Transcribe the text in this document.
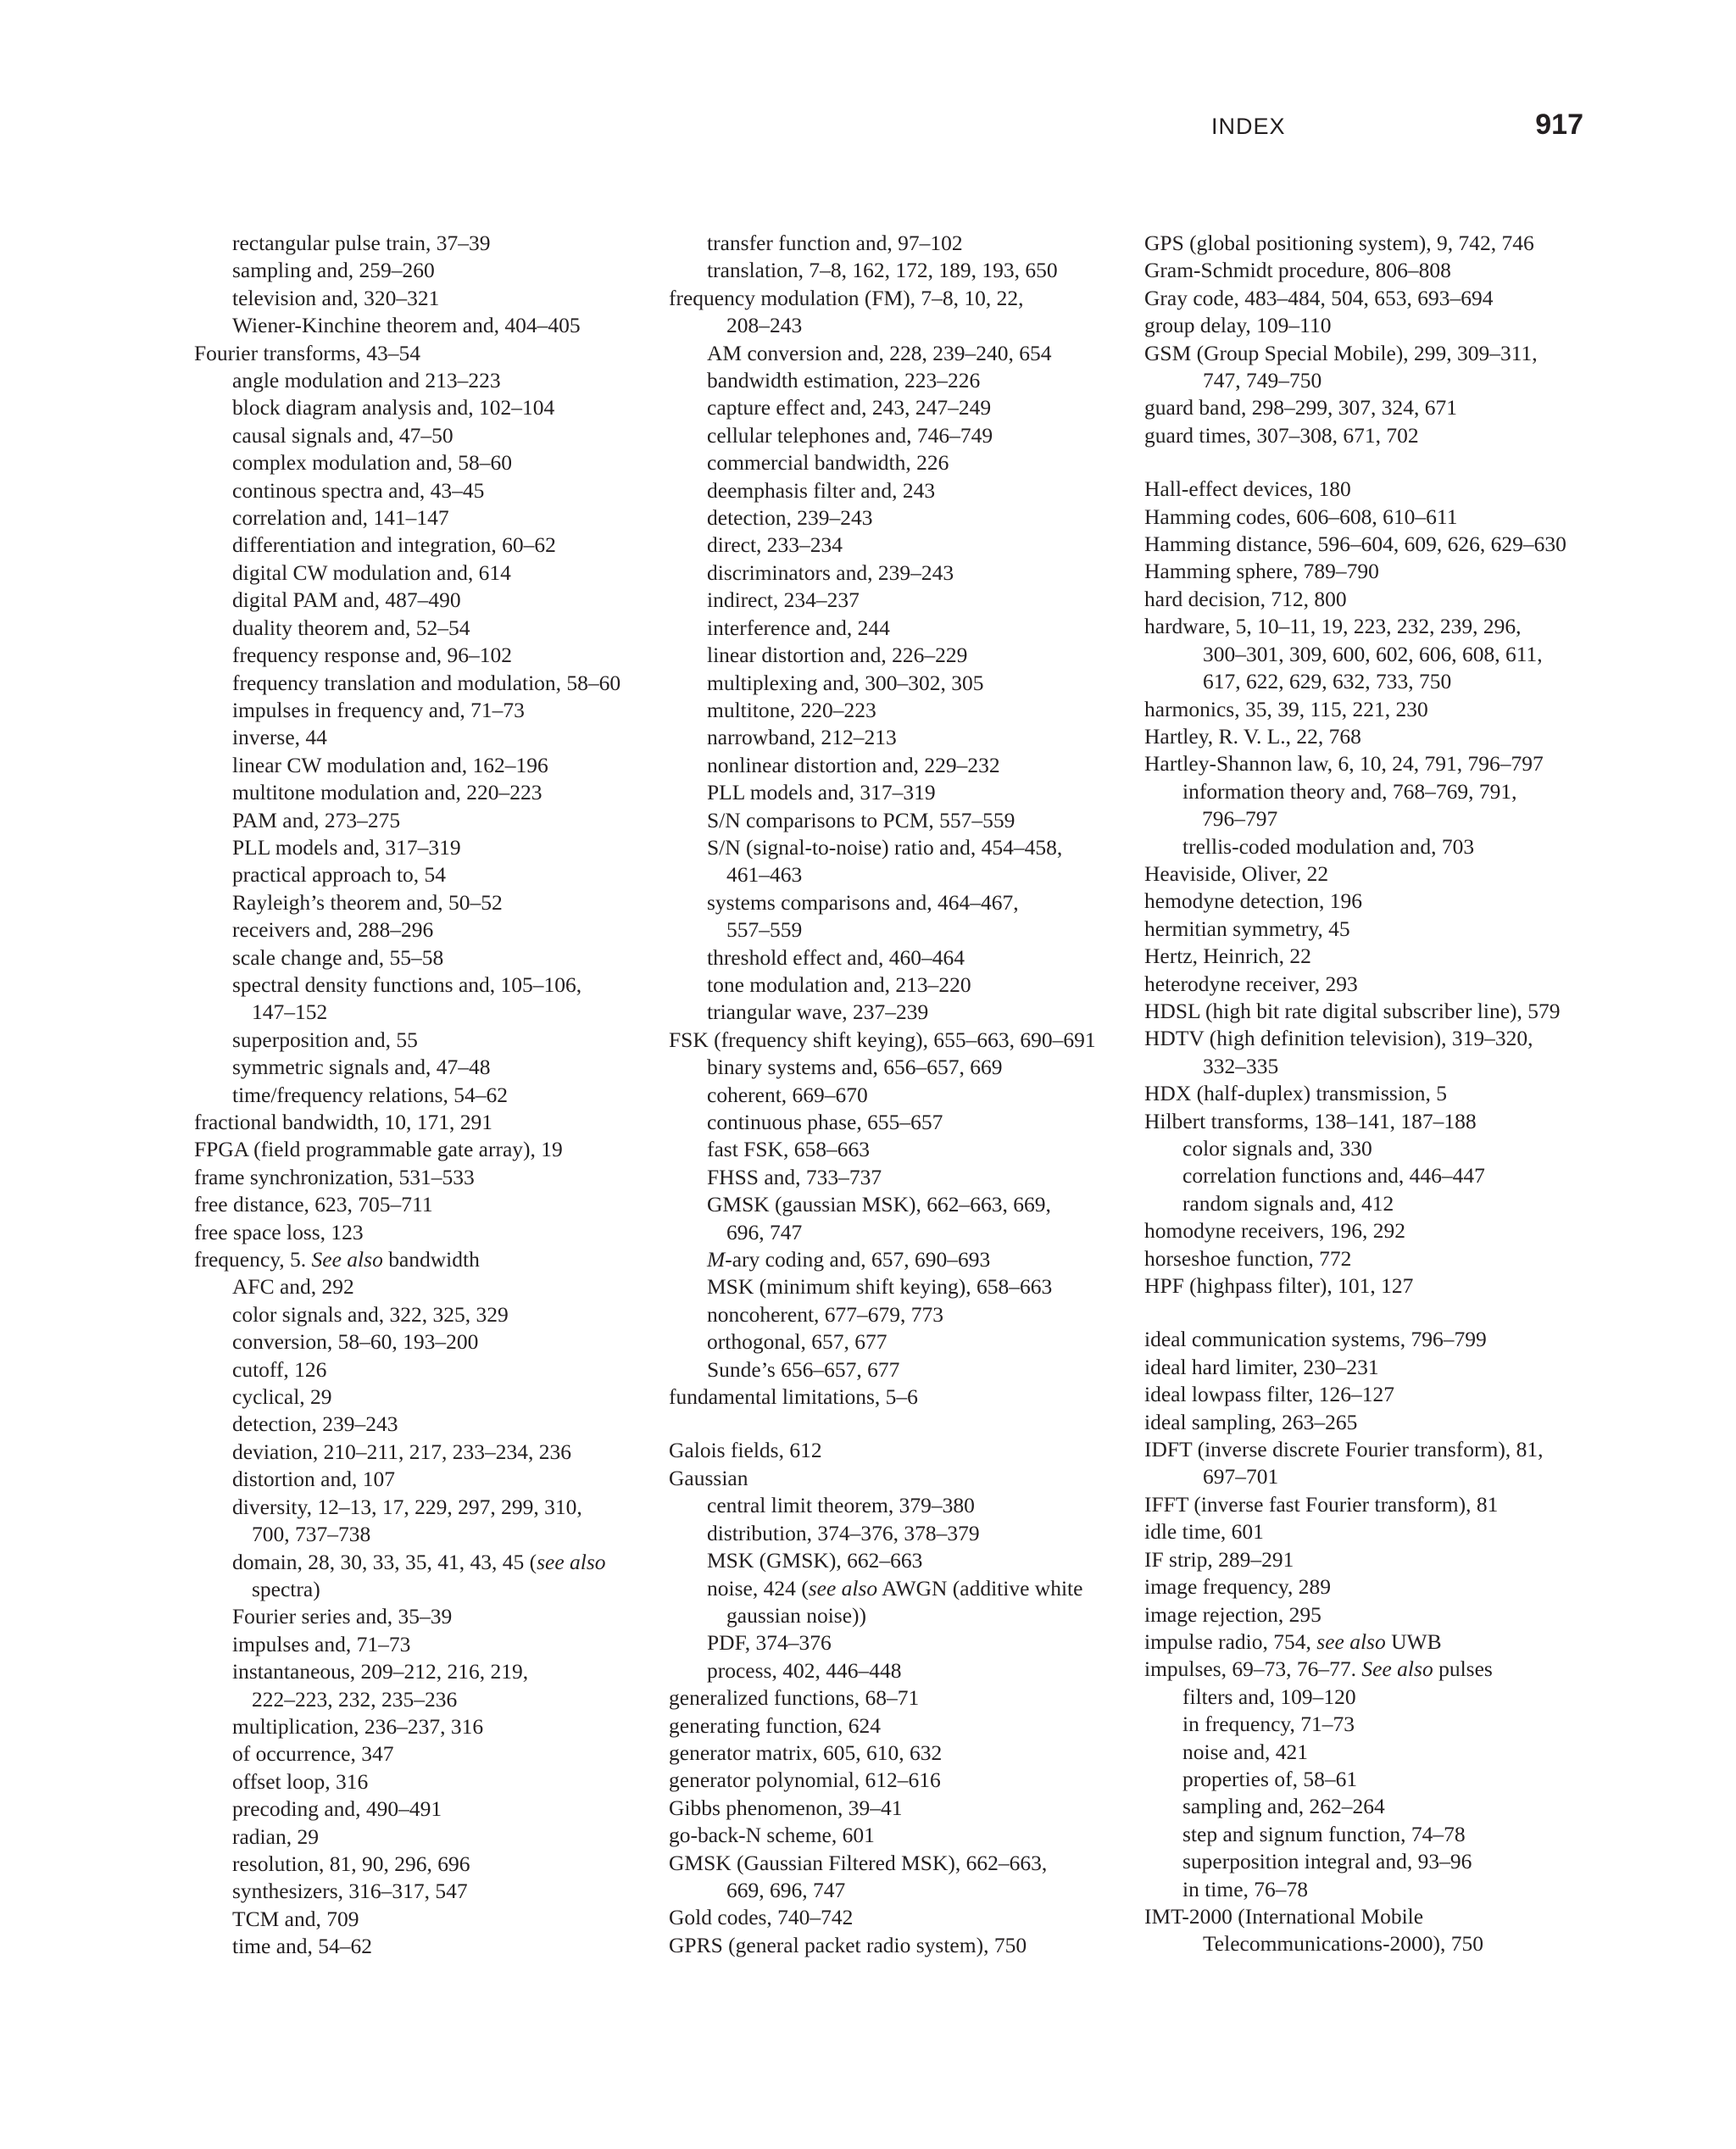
INDEX	917
rectangular pulse train, 37–39
sampling and, 259–260
television and, 320–321
Wiener-Kinchine theorem and, 404–405
Fourier transforms, 43–54
angle modulation and 213–223
block diagram analysis and, 102–104
causal signals and, 47–50
complex modulation and, 58–60
continous spectra and, 43–45
correlation and, 141–147
differentiation and integration, 60–62
digital CW modulation and, 614
digital PAM and, 487–490
duality theorem and, 52–54
frequency response and, 96–102
frequency translation and modulation, 58–60
impulses in frequency and, 71–73
inverse, 44
linear CW modulation and, 162–196
multitone modulation and, 220–223
PAM and, 273–275
PLL models and, 317–319
practical approach to, 54
Rayleigh’s theorem and, 50–52
receivers and, 288–296
scale change and, 55–58
spectral density functions and, 105–106,
147–152
superposition and, 55
symmetric signals and, 47–48
time/frequency relations, 54–62
fractional bandwidth, 10, 171, 291
FPGA (field programmable gate array), 19
frame synchronization, 531–533
free distance, 623, 705–711
free space loss, 123
frequency, 5. See also bandwidth
AFC and, 292
color signals and, 322, 325, 329
conversion, 58–60, 193–200
cutoff, 126
cyclical, 29
detection, 239–243
deviation, 210–211, 217, 233–234, 236
distortion and, 107
diversity, 12–13, 17, 229, 297, 299, 310,
700, 737–738
domain, 28, 30, 33, 35, 41, 43, 45 (see also
spectra)
Fourier series and, 35–39
impulses and, 71–73
instantaneous, 209–212, 216, 219,
222–223, 232, 235–236
multiplication, 236–237, 316
of occurrence, 347
offset loop, 316
precoding and, 490–491
radian, 29
resolution, 81, 90, 296, 696
synthesizers, 316–317, 547
TCM and, 709
time and, 54–62
transfer function and, 97–102
translation, 7–8, 162, 172, 189, 193, 650
frequency modulation (FM), 7–8, 10, 22,
208–243
AM conversion and, 228, 239–240, 654
bandwidth estimation, 223–226
capture effect and, 243, 247–249
cellular telephones and, 746–749
commercial bandwidth, 226
deemphasis filter and, 243
detection, 239–243
direct, 233–234
discriminators and, 239–243
indirect, 234–237
interference and, 244
linear distortion and, 226–229
multiplexing and, 300–302, 305
multitone, 220–223
narrowband, 212–213
nonlinear distortion and, 229–232
PLL models and, 317–319
S/N comparisons to PCM, 557–559
S/N (signal-to-noise) ratio and, 454–458,
461–463
systems comparisons and, 464–467,
557–559
threshold effect and, 460–464
tone modulation and, 213–220
triangular wave, 237–239
FSK (frequency shift keying), 655–663, 690–691
binary systems and, 656–657, 669
coherent, 669–670
continuous phase, 655–657
fast FSK, 658–663
FHSS and, 733–737
GMSK (gaussian MSK), 662–663, 669,
696, 747
M-ary coding and, 657, 690–693
MSK (minimum shift keying), 658–663
noncoherent, 677–679, 773
orthogonal, 657, 677
Sunde’s 656–657, 677
fundamental limitations, 5–6
Galois fields, 612
Gaussian
central limit theorem, 379–380
distribution, 374–376, 378–379
MSK (GMSK), 662–663
noise, 424 (see also AWGN (additive white
gaussian noise))
PDF, 374–376
process, 402, 446–448
generalized functions, 68–71
generating function, 624
generator matrix, 605, 610, 632
generator polynomial, 612–616
Gibbs phenomenon, 39–41
go-back-N scheme, 601
GMSK (Gaussian Filtered MSK), 662–663,
669, 696, 747
Gold codes, 740–742
GPRS (general packet radio system), 750
GPS (global positioning system), 9, 742, 746
Gram-Schmidt procedure, 806–808
Gray code, 483–484, 504, 653, 693–694
group delay, 109–110
GSM (Group Special Mobile), 299, 309–311,
747, 749–750
guard band, 298–299, 307, 324, 671
guard times, 307–308, 671, 702
Hall-effect devices, 180
Hamming codes, 606–608, 610–611
Hamming distance, 596–604, 609, 626, 629–630
Hamming sphere, 789–790
hard decision, 712, 800
hardware, 5, 10–11, 19, 223, 232, 239, 296,
300–301, 309, 600, 602, 606, 608, 611,
617, 622, 629, 632, 733, 750
harmonics, 35, 39, 115, 221, 230
Hartley, R. V. L., 22, 768
Hartley-Shannon law, 6, 10, 24, 791, 796–797
information theory and, 768–769, 791,
796–797
trellis-coded modulation and, 703
Heaviside, Oliver, 22
hemodyne detection, 196
hermitian symmetry, 45
Hertz, Heinrich, 22
heterodyne receiver, 293
HDSL (high bit rate digital subscriber line), 579
HDTV (high definition television), 319–320,
332–335
HDX (half-duplex) transmission, 5
Hilbert transforms, 138–141, 187–188
color signals and, 330
correlation functions and, 446–447
random signals and, 412
homodyne receivers, 196, 292
horseshoe function, 772
HPF (highpass filter), 101, 127
ideal communication systems, 796–799
ideal hard limiter, 230–231
ideal lowpass filter, 126–127
ideal sampling, 263–265
IDFT (inverse discrete Fourier transform), 81,
697–701
IFFT (inverse fast Fourier transform), 81
idle time, 601
IF strip, 289–291
image frequency, 289
image rejection, 295
impulse radio, 754, see also UWB
impulses, 69–73, 76–77. See also pulses
filters and, 109–120
in frequency, 71–73
noise and, 421
properties of, 58–61
sampling and, 262–264
step and signum function, 74–78
superposition integral and, 93–96
in time, 76–78
IMT-2000 (International Mobile
Telecommunications-2000), 750
